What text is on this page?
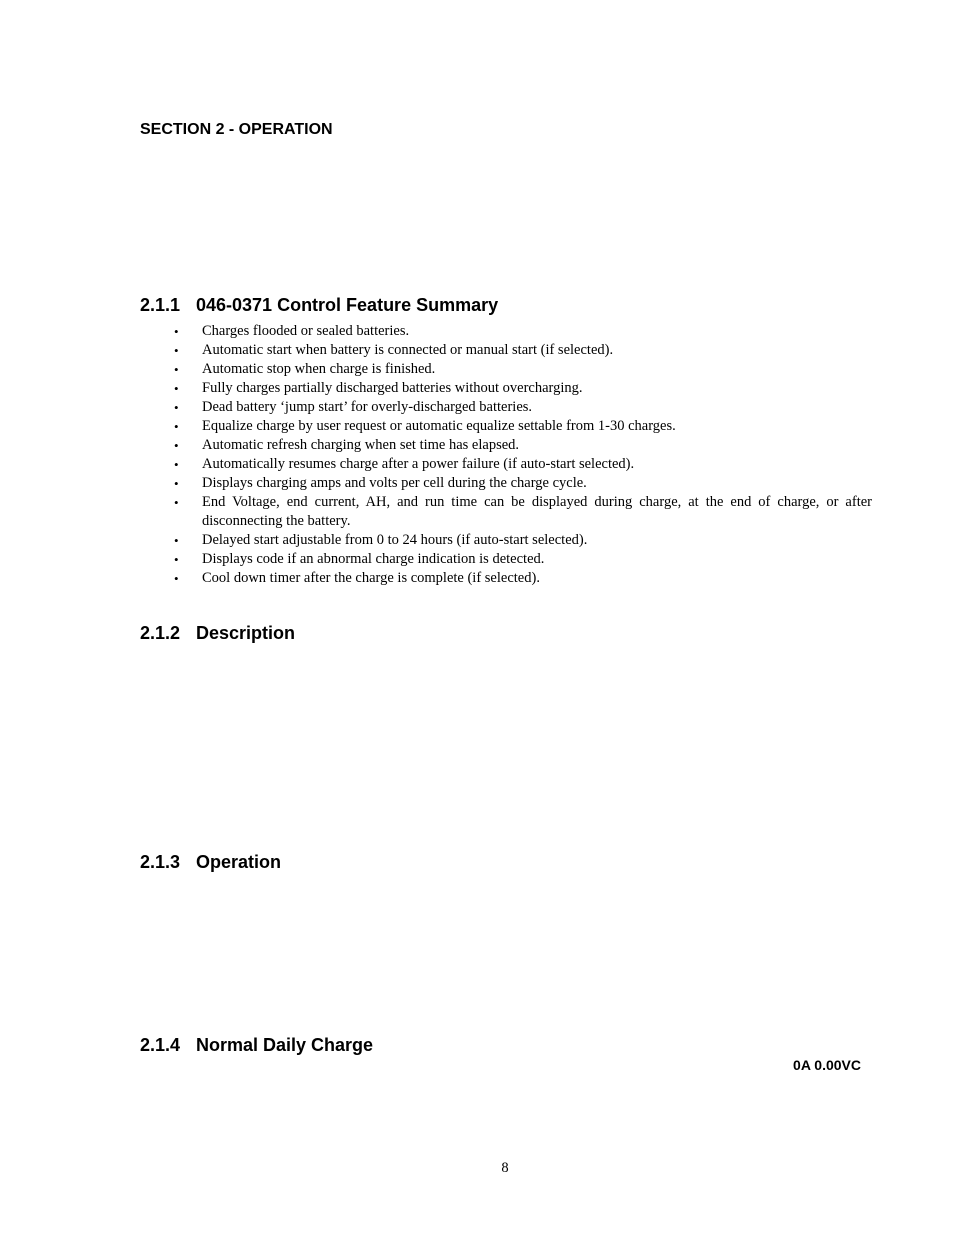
SECTION 2 - OPERATION
2.1.1 046-0371 Control Feature Summary
• Charges flooded or sealed batteries.
• Automatic start when battery is connected or manual start (if selected).
• Automatic stop when charge is finished.
• Fully charges partially discharged batteries without overcharging.
• Dead battery ‘jump start’ for overly-discharged batteries.
• Equalize charge by user request or automatic equalize settable from 1-30 charges.
• Automatic refresh charging when set time has elapsed.
• Automatically resumes charge after a power failure (if auto-start selected).
• Displays charging amps and volts per cell during the charge cycle.
• End Voltage, end current, AH, and run time can be displayed during charge, at the end of charge, or after disconnecting the battery.
• Delayed start adjustable from 0 to 24 hours (if auto-start selected).
• Displays code if an abnormal charge indication is detected.
• Cool down timer after the charge is complete (if selected).
2.1.2 Description
2.1.3 Operation
2.1.4 Normal Daily Charge
0A 0.00VC
8
